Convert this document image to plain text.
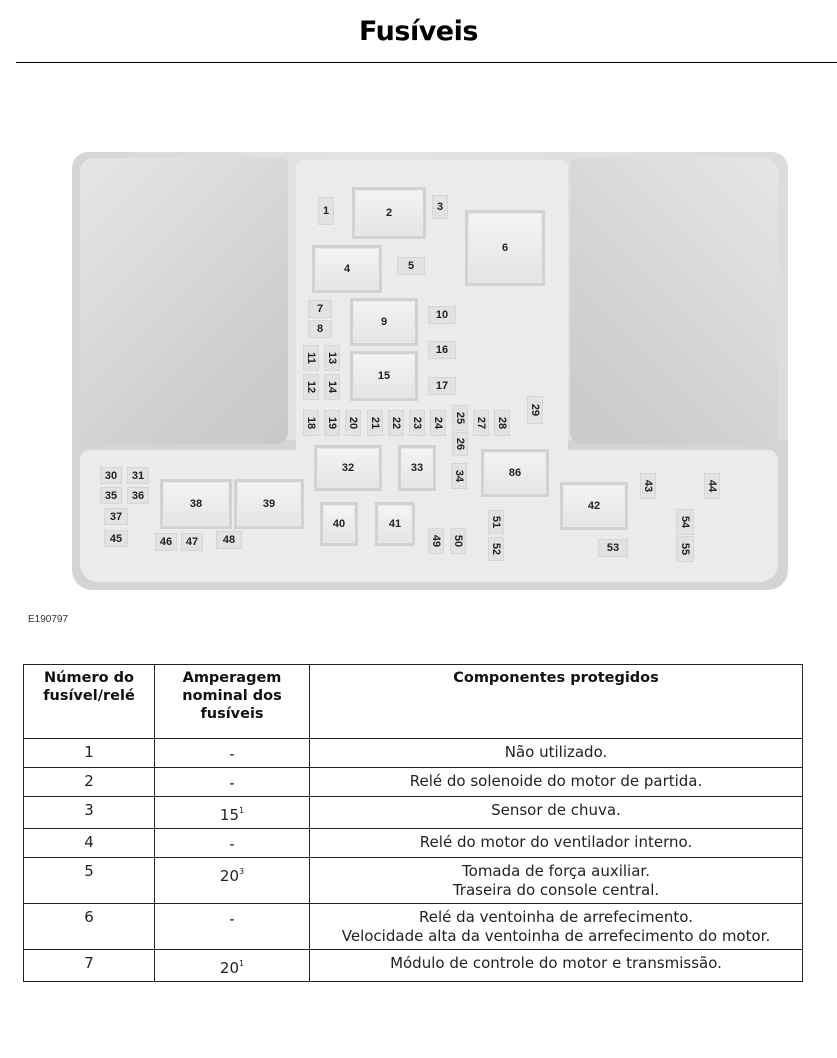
Fusíveis
1	2	3
4	5
6
7
8
9
10
11
12
13
14
15
16
17
18 19 20 21 22 23 24 25
26
27 28
29
30 31
35 36
37
45
38	39
46 47 48
32	33
34	86
40	41
49 50
51
52
42
43	44
53
54
55
E190797
Número do fusível/relé	Amperagem nominal dos fusíveis	Componentes protegidos
1	-	Não utilizado.

2	-	Relé do solenoide do motor de partida.

3	$15^1$	Sensor de chuva.

4	-	Relé do motor do ventilador interno.

5	$20^3$	Tomada de força auxiliar.
Traseira do console central.

6	-	Relé da ventoinha de arrefecimento.
Velocidade alta da ventoinha de arrefecimento do motor.

7	$20^1$	Módulo de controle do motor e transmissão.
